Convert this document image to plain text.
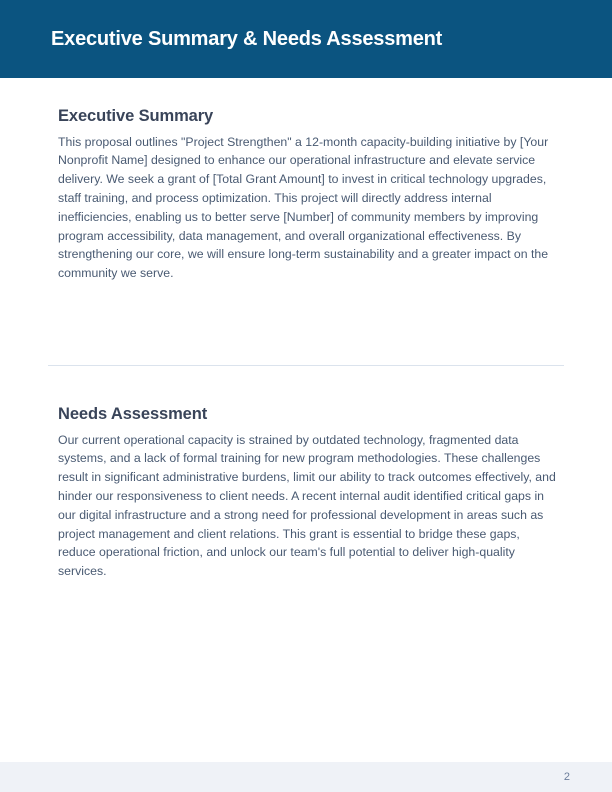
Executive Summary & Needs Assessment
Executive Summary

This proposal outlines "Project Strengthen" a 12-month capacity-building initiative by [Your Nonprofit Name] designed to enhance our operational infrastructure and elevate service delivery. We seek a grant of [Total Grant Amount] to invest in critical technology upgrades, staff training, and process optimization. This project will directly address internal inefficiencies, enabling us to better serve [Number] of community members by improving program accessibility, data management, and overall organizational effectiveness. By strengthening our core, we will ensure long-term sustainability and a greater impact on the community we serve.

Needs Assessment

Our current operational capacity is strained by outdated technology, fragmented data systems, and a lack of formal training for new program methodologies. These challenges result in significant administrative burdens, limit our ability to track outcomes effectively, and hinder our responsiveness to client needs. A recent internal audit identified critical gaps in our digital infrastructure and a strong need for professional development in areas such as project management and client relations. This grant is essential to bridge these gaps, reduce operational friction, and unlock our team's full potential to deliver high-quality services.

2
